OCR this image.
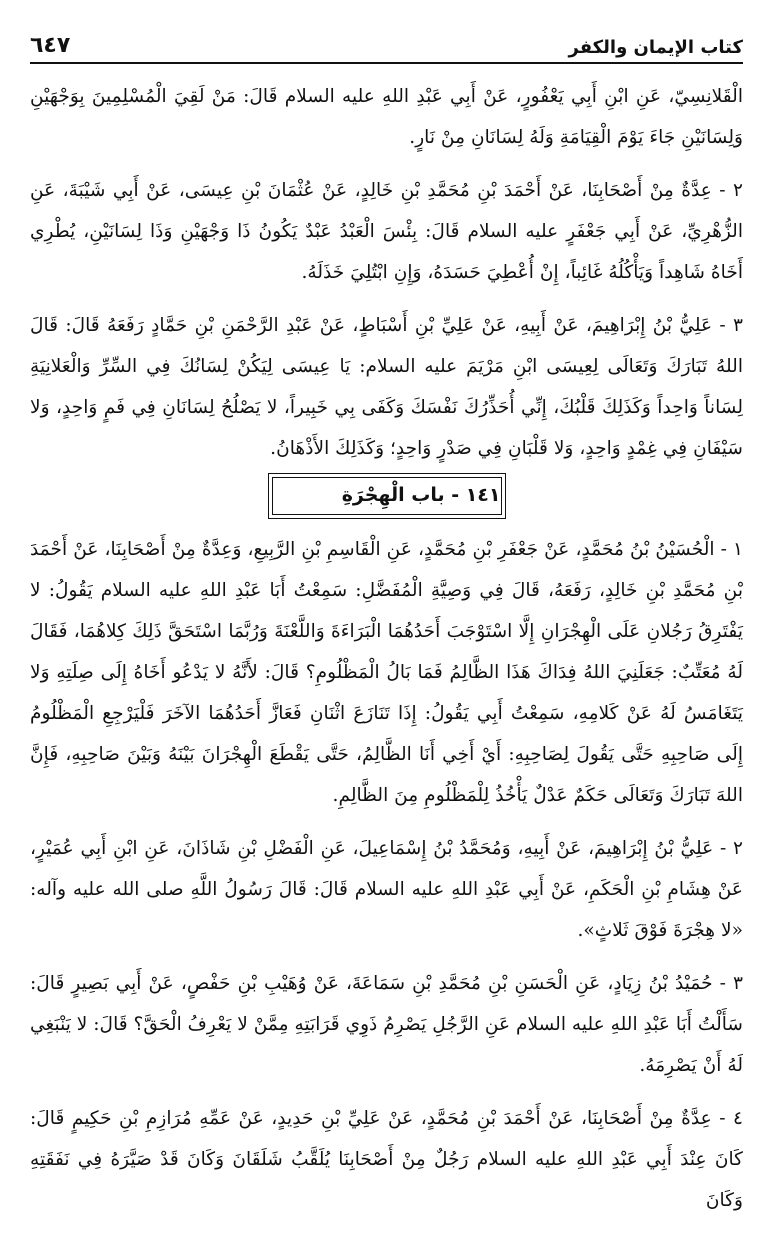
٦٤٧	كتاب الإيمان والكفر

الْقَلانِسِيّ، عَنِ ابْنِ أَبِي يَعْفُورٍ، عَنْ أَبِي عَبْدِ اللهِ عليه السلام قَالَ: مَنْ لَقِيَ الْمُسْلِمِينَ بِوَجْهَيْنِ وَلِسَانَيْنِ جَاءَ يَوْمَ الْقِيَامَةِ وَلَهُ لِسَانَانِ مِنْ نَارٍ.

٢ - عِدَّةٌ مِنْ أَصْحَابِنَا، عَنْ أَحْمَدَ بْنِ مُحَمَّدِ بْنِ خَالِدٍ، عَنْ عُثْمَانَ بْنِ عِيسَى، عَنْ أَبِي شَيْبَةَ، عَنِ الزُّهْرِيِّ، عَنْ أَبِي جَعْفَرٍ عليه السلام قَالَ: بِئْسَ الْعَبْدُ عَبْدٌ يَكُونُ ذَا وَجْهَيْنِ وَذَا لِسَانَيْنِ، يُطْرِي أَخَاهُ شَاهِداً وَيَأْكُلُهُ غَائِباً، إِنْ أُعْطِيَ حَسَدَهُ، وَإِنِ ابْتُلِيَ خَذَلَهُ.

٣ - عَلِيُّ بْنُ إِبْرَاهِيمَ، عَنْ أَبِيهِ، عَنْ عَلِيِّ بْنِ أَسْبَاطٍ، عَنْ عَبْدِ الرَّحْمَنِ بْنِ حَمَّادٍ رَفَعَهُ قَالَ: قَالَ اللهُ تَبَارَكَ وَتَعَالَى لِعِيسَى ابْنِ مَرْيَمَ عليه السلام: يَا عِيسَى لِيَكُنْ لِسَانُكَ فِي السِّرِّ وَالْعَلانِيَةِ لِسَاناً وَاحِداً وَكَذَلِكَ قَلْبُكَ، إِنِّي أُحَذِّرُكَ نَفْسَكَ وَكَفَى بِي خَبِيراً، لا يَصْلُحُ لِسَانَانِ فِي فَمٍ وَاحِدٍ، وَلا سَيْفَانِ فِي غِمْدٍ وَاحِدٍ، وَلا قَلْبَانِ فِي صَدْرٍ وَاحِدٍ؛ وَكَذَلِكَ الأَذْهَانُ.

١٤١ - باب الْهِجْرَةِ

١ - الْحُسَيْنُ بْنُ مُحَمَّدٍ، عَنْ جَعْفَرِ بْنِ مُحَمَّدٍ، عَنِ الْقَاسِمِ بْنِ الرَّبِيعِ، وَعِدَّةٌ مِنْ أَصْحَابِنَا، عَنْ أَحْمَدَ بْنِ مُحَمَّدِ بْنِ خَالِدٍ، رَفَعَهُ، قَالَ فِي وَصِيَّةِ الْمُفَضَّلِ: سَمِعْتُ أَبَا عَبْدِ اللهِ عليه السلام يَقُولُ: لا يَفْتَرِقُ رَجُلانِ عَلَى الْهِجْرَانِ إِلَّا اسْتَوْجَبَ أَحَدُهُمَا الْبَرَاءَةَ وَاللَّعْنَةَ وَرُبَّمَا اسْتَحَقَّ ذَلِكَ كِلاهُمَا، فَقَالَ لَهُ مُعَتِّبٌ: جَعَلَنِيَ اللهُ فِدَاكَ هَذَا الظَّالِمُ فَمَا بَالُ الْمَظْلُومِ؟ قَالَ: لأَنَّهُ لا يَدْعُو أَخَاهُ إِلَى صِلَتِهِ وَلا يَتَغَامَسُ لَهُ عَنْ كَلامِهِ، سَمِعْتُ أَبِي يَقُولُ: إِذَا تَنَازَعَ اثْنَانِ فَعَازَّ أَحَدُهُمَا الآخَرَ فَلْيَرْجِعِ الْمَظْلُومُ إِلَى صَاحِبِهِ حَتَّى يَقُولَ لِصَاحِبِهِ: أَيْ أَخِي أَنَا الظَّالِمُ، حَتَّى يَقْطَعَ الْهِجْرَانَ بَيْنَهُ وَبَيْنَ صَاحِبِهِ، فَإِنَّ اللهَ تَبَارَكَ وَتَعَالَى حَكَمٌ عَدْلٌ يَأْخُذُ لِلْمَظْلُومِ مِنَ الظَّالِمِ.

٢ - عَلِيُّ بْنُ إِبْرَاهِيمَ، عَنْ أَبِيهِ، وَمُحَمَّدُ بْنُ إِسْمَاعِيلَ، عَنِ الْفَضْلِ بْنِ شَاذَانَ، عَنِ ابْنِ أَبِي عُمَيْرٍ، عَنْ هِشَامِ بْنِ الْحَكَمِ، عَنْ أَبِي عَبْدِ اللهِ عليه السلام قَالَ: قَالَ رَسُولُ اللَّهِ صلى الله عليه وآله: «لا هِجْرَةَ فَوْقَ ثَلاثٍ».

٣ - حُمَيْدُ بْنُ زِيَادٍ، عَنِ الْحَسَنِ بْنِ مُحَمَّدِ بْنِ سَمَاعَةَ، عَنْ وُهَيْبِ بْنِ حَفْصٍ، عَنْ أَبِي بَصِيرٍ قَالَ: سَأَلْتُ أَبَا عَبْدِ اللهِ عليه السلام عَنِ الرَّجُلِ يَصْرِمُ ذَوِي قَرَابَتِهِ مِمَّنْ لا يَعْرِفُ الْحَقَّ؟ قَالَ: لا يَنْبَغِي لَهُ أَنْ يَصْرِمَهُ.

٤ - عِدَّةٌ مِنْ أَصْحَابِنَا، عَنْ أَحْمَدَ بْنِ مُحَمَّدٍ، عَنْ عَلِيِّ بْنِ حَدِيدٍ، عَنْ عَمِّهِ مُرَازِمِ بْنِ حَكِيمٍ قَالَ: كَانَ عِنْدَ أَبِي عَبْدِ اللهِ عليه السلام رَجُلٌ مِنْ أَصْحَابِنَا يُلَقَّبُ شَلَقَانَ وَكَانَ قَدْ صَيَّرَهُ فِي نَفَقَتِهِ وَكَانَ
